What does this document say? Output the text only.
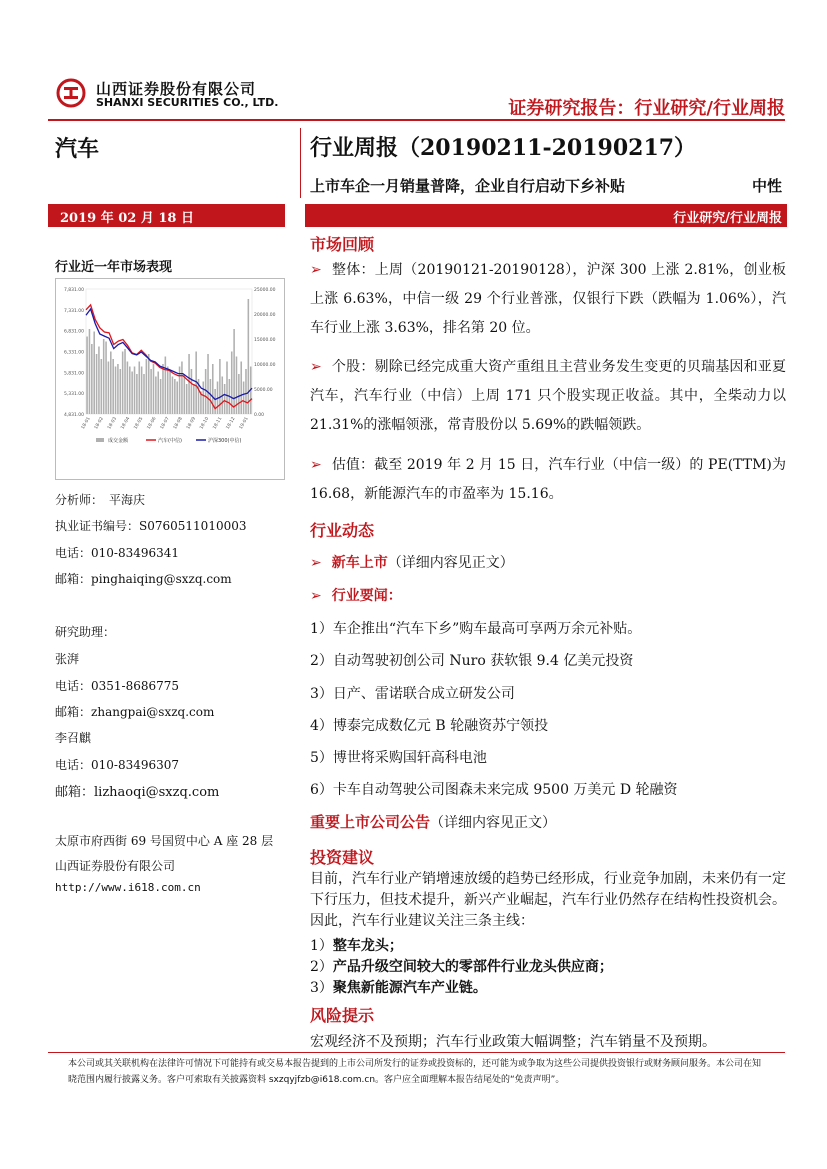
山西证券股份有限公司
SHANXI SECURITIES CO., LTD.	证券研究报告：行业研究/行业周报
汽车	行业周报（20190211-20190217）
上市车企一月销量普降，企业自行启动下乡补贴	中性
2019 年 02 月 18 日	行业研究/行业周报
行业近一年市场表现
7,831.00
7,331.00
6,831.00
6,331.00
5,831.00
5,331.00
4,831.00
25000.00
20000.00
15000.00
10000.00
5000.00
0.00
18-01 18-02 18-03 18-04 18-05 18-06 18-07 18-08 18-09 18-10 18-11 18-12 19-01
成交金额	汽车(中信)	沪深300(中信)
分析师： 平海庆
执业证书编号：S0760511010003
电话：010-83496341
邮箱：pinghaiqing@sxzq.com
研究助理：
张湃
电话：0351-8686775
邮箱：zhangpai@sxzq.com
李召麒
电话：010-83496307
邮箱：lizhaoqi@sxzq.com
太原市府西街 69 号国贸中心 A 座 28 层
山西证券股份有限公司
http://www.i618.com.cn
市场回顾
➢ 整体：上周（20190121-20190128），沪深 300 上涨 2.81%，创业板上涨 6.63%，中信一级 29 个行业普涨，仅银行下跌（跌幅为 1.06%），汽车行业上涨 3.63%，排名第 20 位。
➢ 个股：剔除已经完成重大资产重组且主营业务发生变更的贝瑞基因和亚夏汽车，汽车行业（中信）上周 171 只个股实现正收益。其中，全柴动力以 21.31%的涨幅领涨，常青股份以 5.69%的跌幅领跌。
➢ 估值：截至 2019 年 2 月 15 日，汽车行业（中信一级）的 PE(TTM)为 16.68，新能源汽车的市盈率为 15.16。
行业动态
➢ 新车上市（详细内容见正文）
➢ 行业要闻：
1）车企推出“汽车下乡”购车最高可享两万余元补贴。
2）自动驾驶初创公司 Nuro 获软银 9.4 亿美元投资
3）日产、雷诺联合成立研发公司
4）博泰完成数亿元 B 轮融资苏宁领投
5）博世将采购国轩高科电池
6）卡车自动驾驶公司图森未来完成 9500 万美元 D 轮融资
重要上市公司公告（详细内容见正文）
投资建议
目前，汽车行业产销增速放缓的趋势已经形成，行业竞争加剧，未来仍有一定下行压力，但技术提升，新兴产业崛起，汽车行业仍然存在结构性投资机会。因此，汽车行业建议关注三条主线：
1）整车龙头；
2）产品升级空间较大的零部件行业龙头供应商；
3）聚焦新能源汽车产业链。
风险提示
宏观经济不及预期；汽车行业政策大幅调整；汽车销量不及预期。
本公司或其关联机构在法律许可情况下可能持有或交易本报告提到的上市公司所发行的证券或投资标的，还可能为或争取为这些公司提供投资银行或财务顾问服务。本公司在知晓范围内履行披露义务。客户可索取有关披露资料 sxzqyjfzb@i618.com.cn。客户应全面理解本报告结尾处的“免责声明”。
